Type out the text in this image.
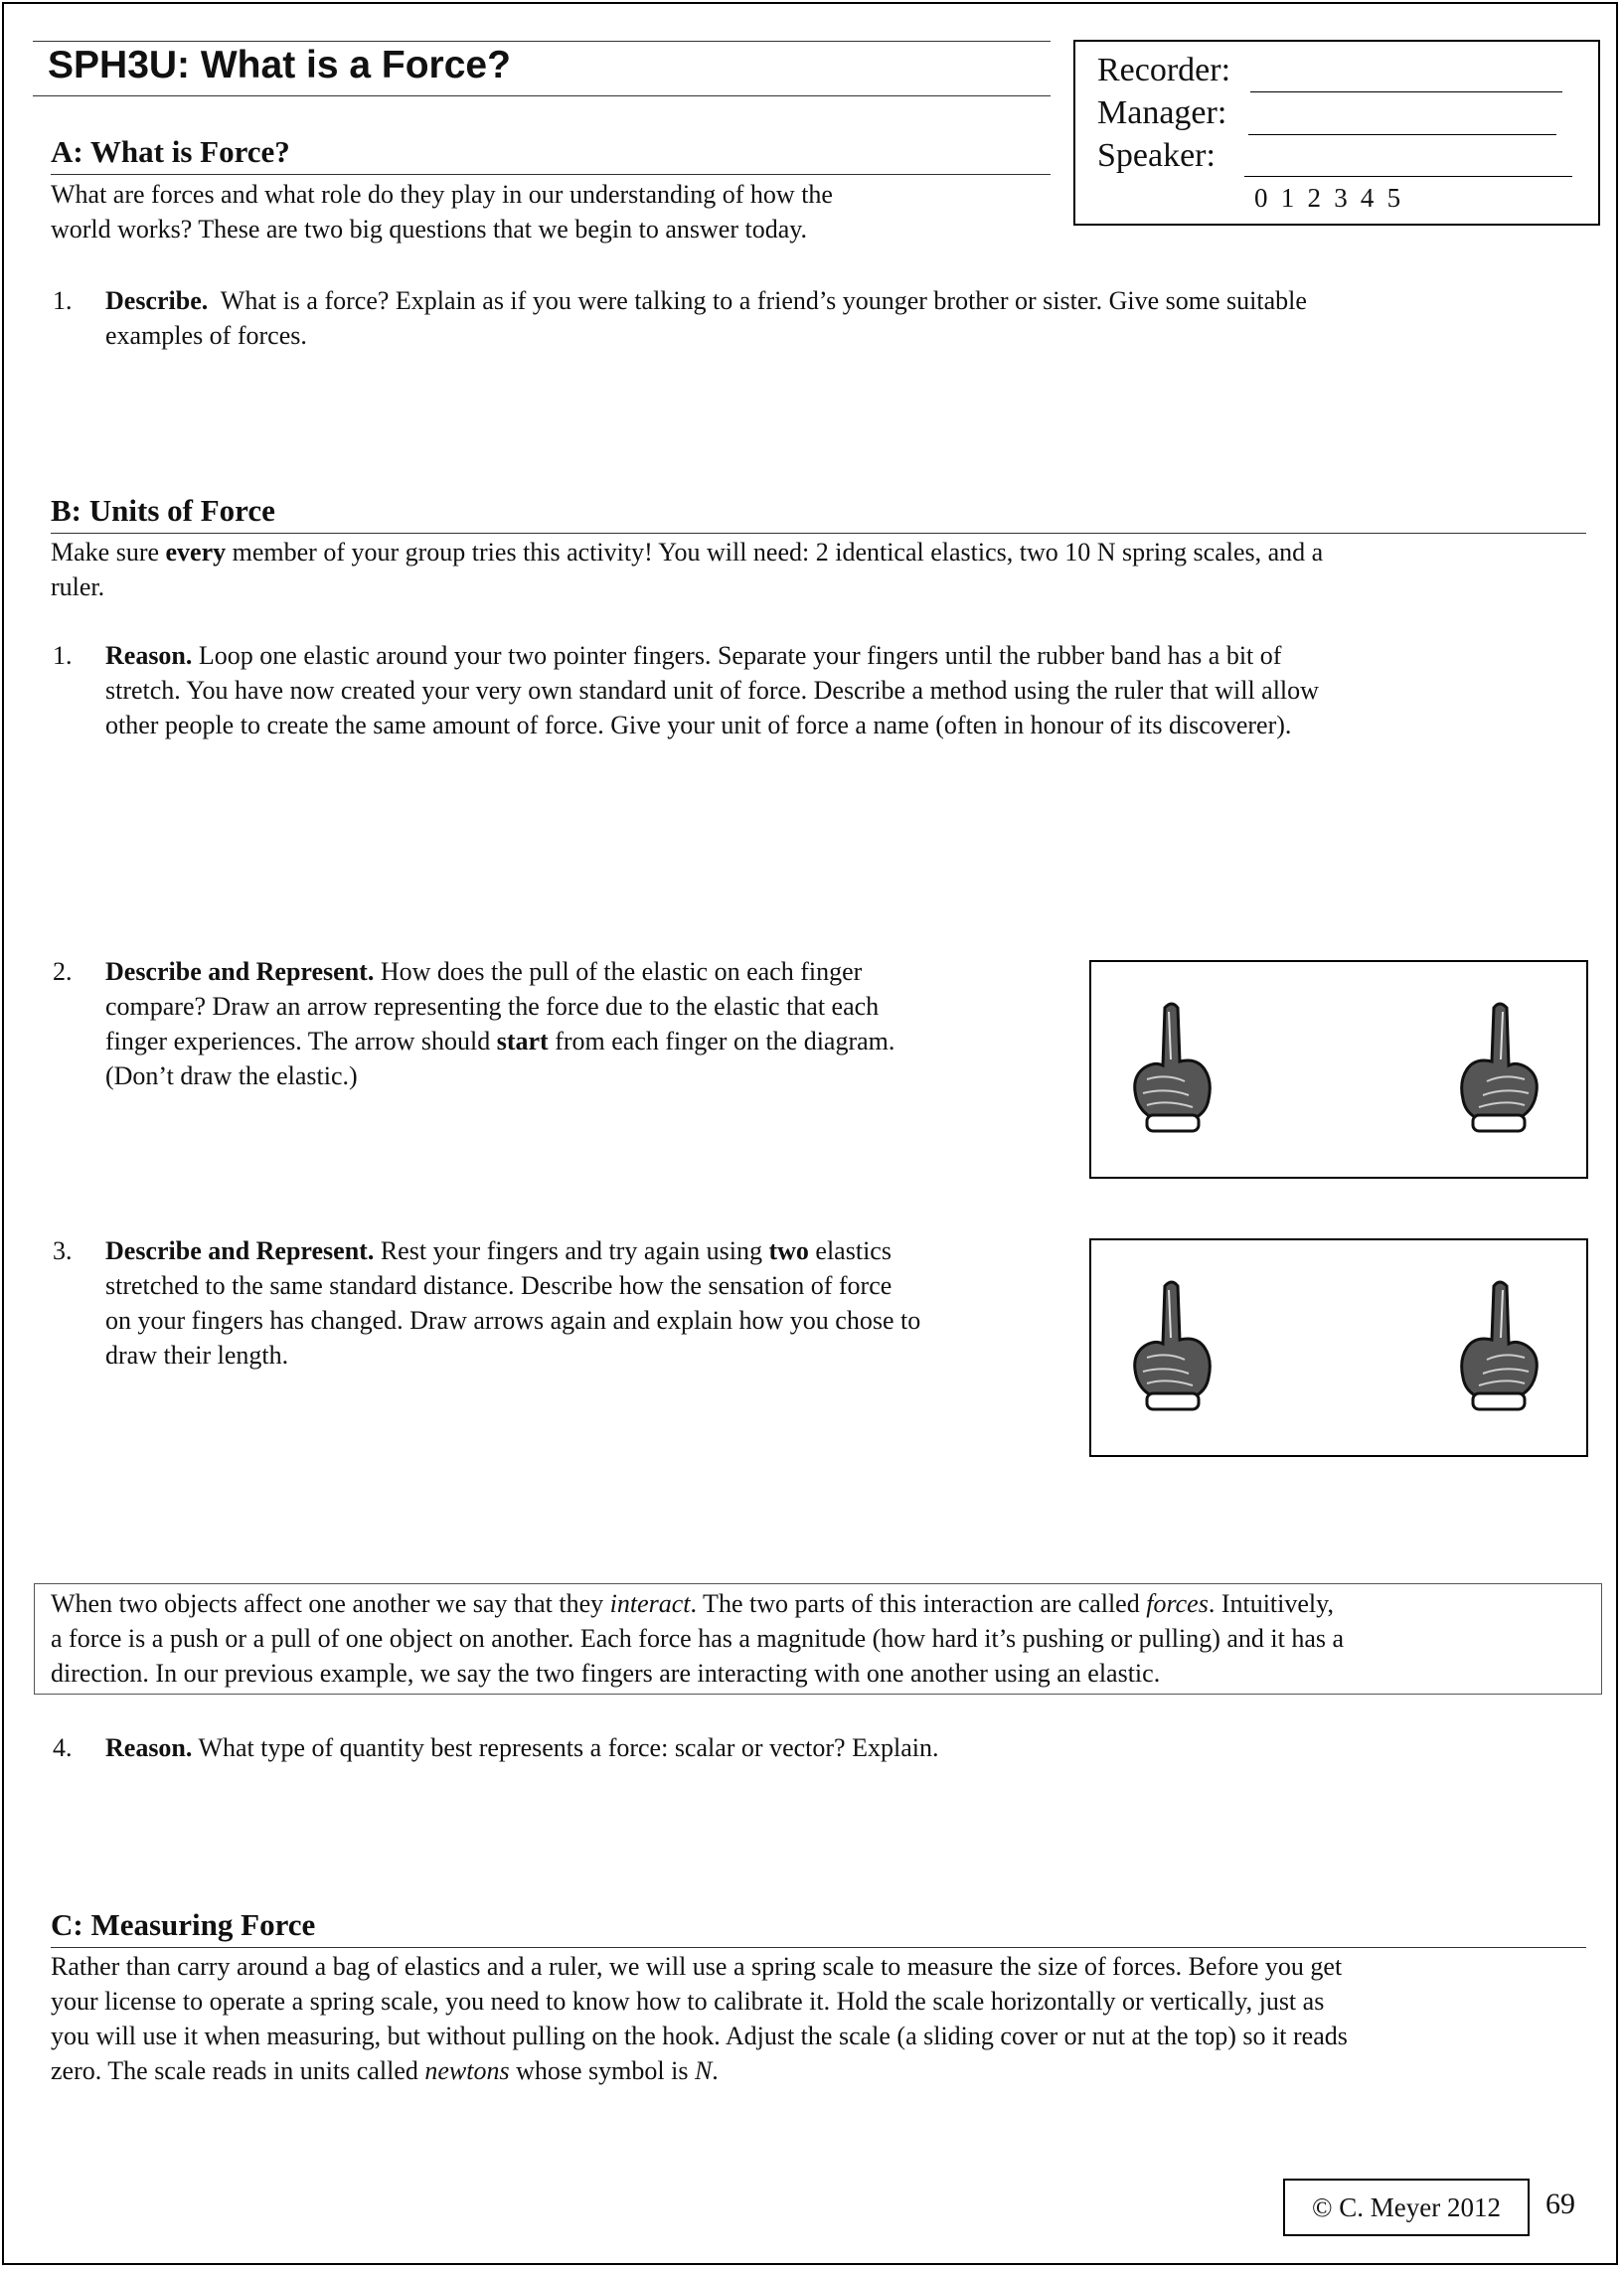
SPH3U: What is a Force?	Recorder:
Manager:
Speaker:
0 1 2 3 4 5
A: What is Force?
What are forces and what role do they play in our understanding of how the
world works? These are two big questions that we begin to answer today.
1. Describe. What is a force? Explain as if you were talking to a friend’s younger brother or sister. Give some suitable
examples of forces.
B: Units of Force
Make sure every member of your group tries this activity! You will need: 2 identical elastics, two 10 N spring scales, and a
ruler.
1. Reason. Loop one elastic around your two pointer fingers. Separate your fingers until the rubber band has a bit of
stretch. You have now created your very own standard unit of force. Describe a method using the ruler that will allow
other people to create the same amount of force. Give your unit of force a name (often in honour of its discoverer).
2. Describe and Represent. How does the pull of the elastic on each finger
compare? Draw an arrow representing the force due to the elastic that each
finger experiences. The arrow should start from each finger on the diagram.
(Don’t draw the elastic.)
3. Describe and Represent. Rest your fingers and try again using two elastics
stretched to the same standard distance. Describe how the sensation of force
on your fingers has changed. Draw arrows again and explain how you chose to
draw their length.
When two objects affect one another we say that they interact. The two parts of this interaction are called forces. Intuitively,
a force is a push or a pull of one object on another. Each force has a magnitude (how hard it’s pushing or pulling) and it has a
direction. In our previous example, we say the two fingers are interacting with one another using an elastic.
4. Reason. What type of quantity best represents a force: scalar or vector? Explain.
C: Measuring Force
Rather than carry around a bag of elastics and a ruler, we will use a spring scale to measure the size of forces. Before you get
your license to operate a spring scale, you need to know how to calibrate it. Hold the scale horizontally or vertically, just as
you will use it when measuring, but without pulling on the hook. Adjust the scale (a sliding cover or nut at the top) so it reads
zero. The scale reads in units called newtons whose symbol is N.
© C. Meyer 2012	69
